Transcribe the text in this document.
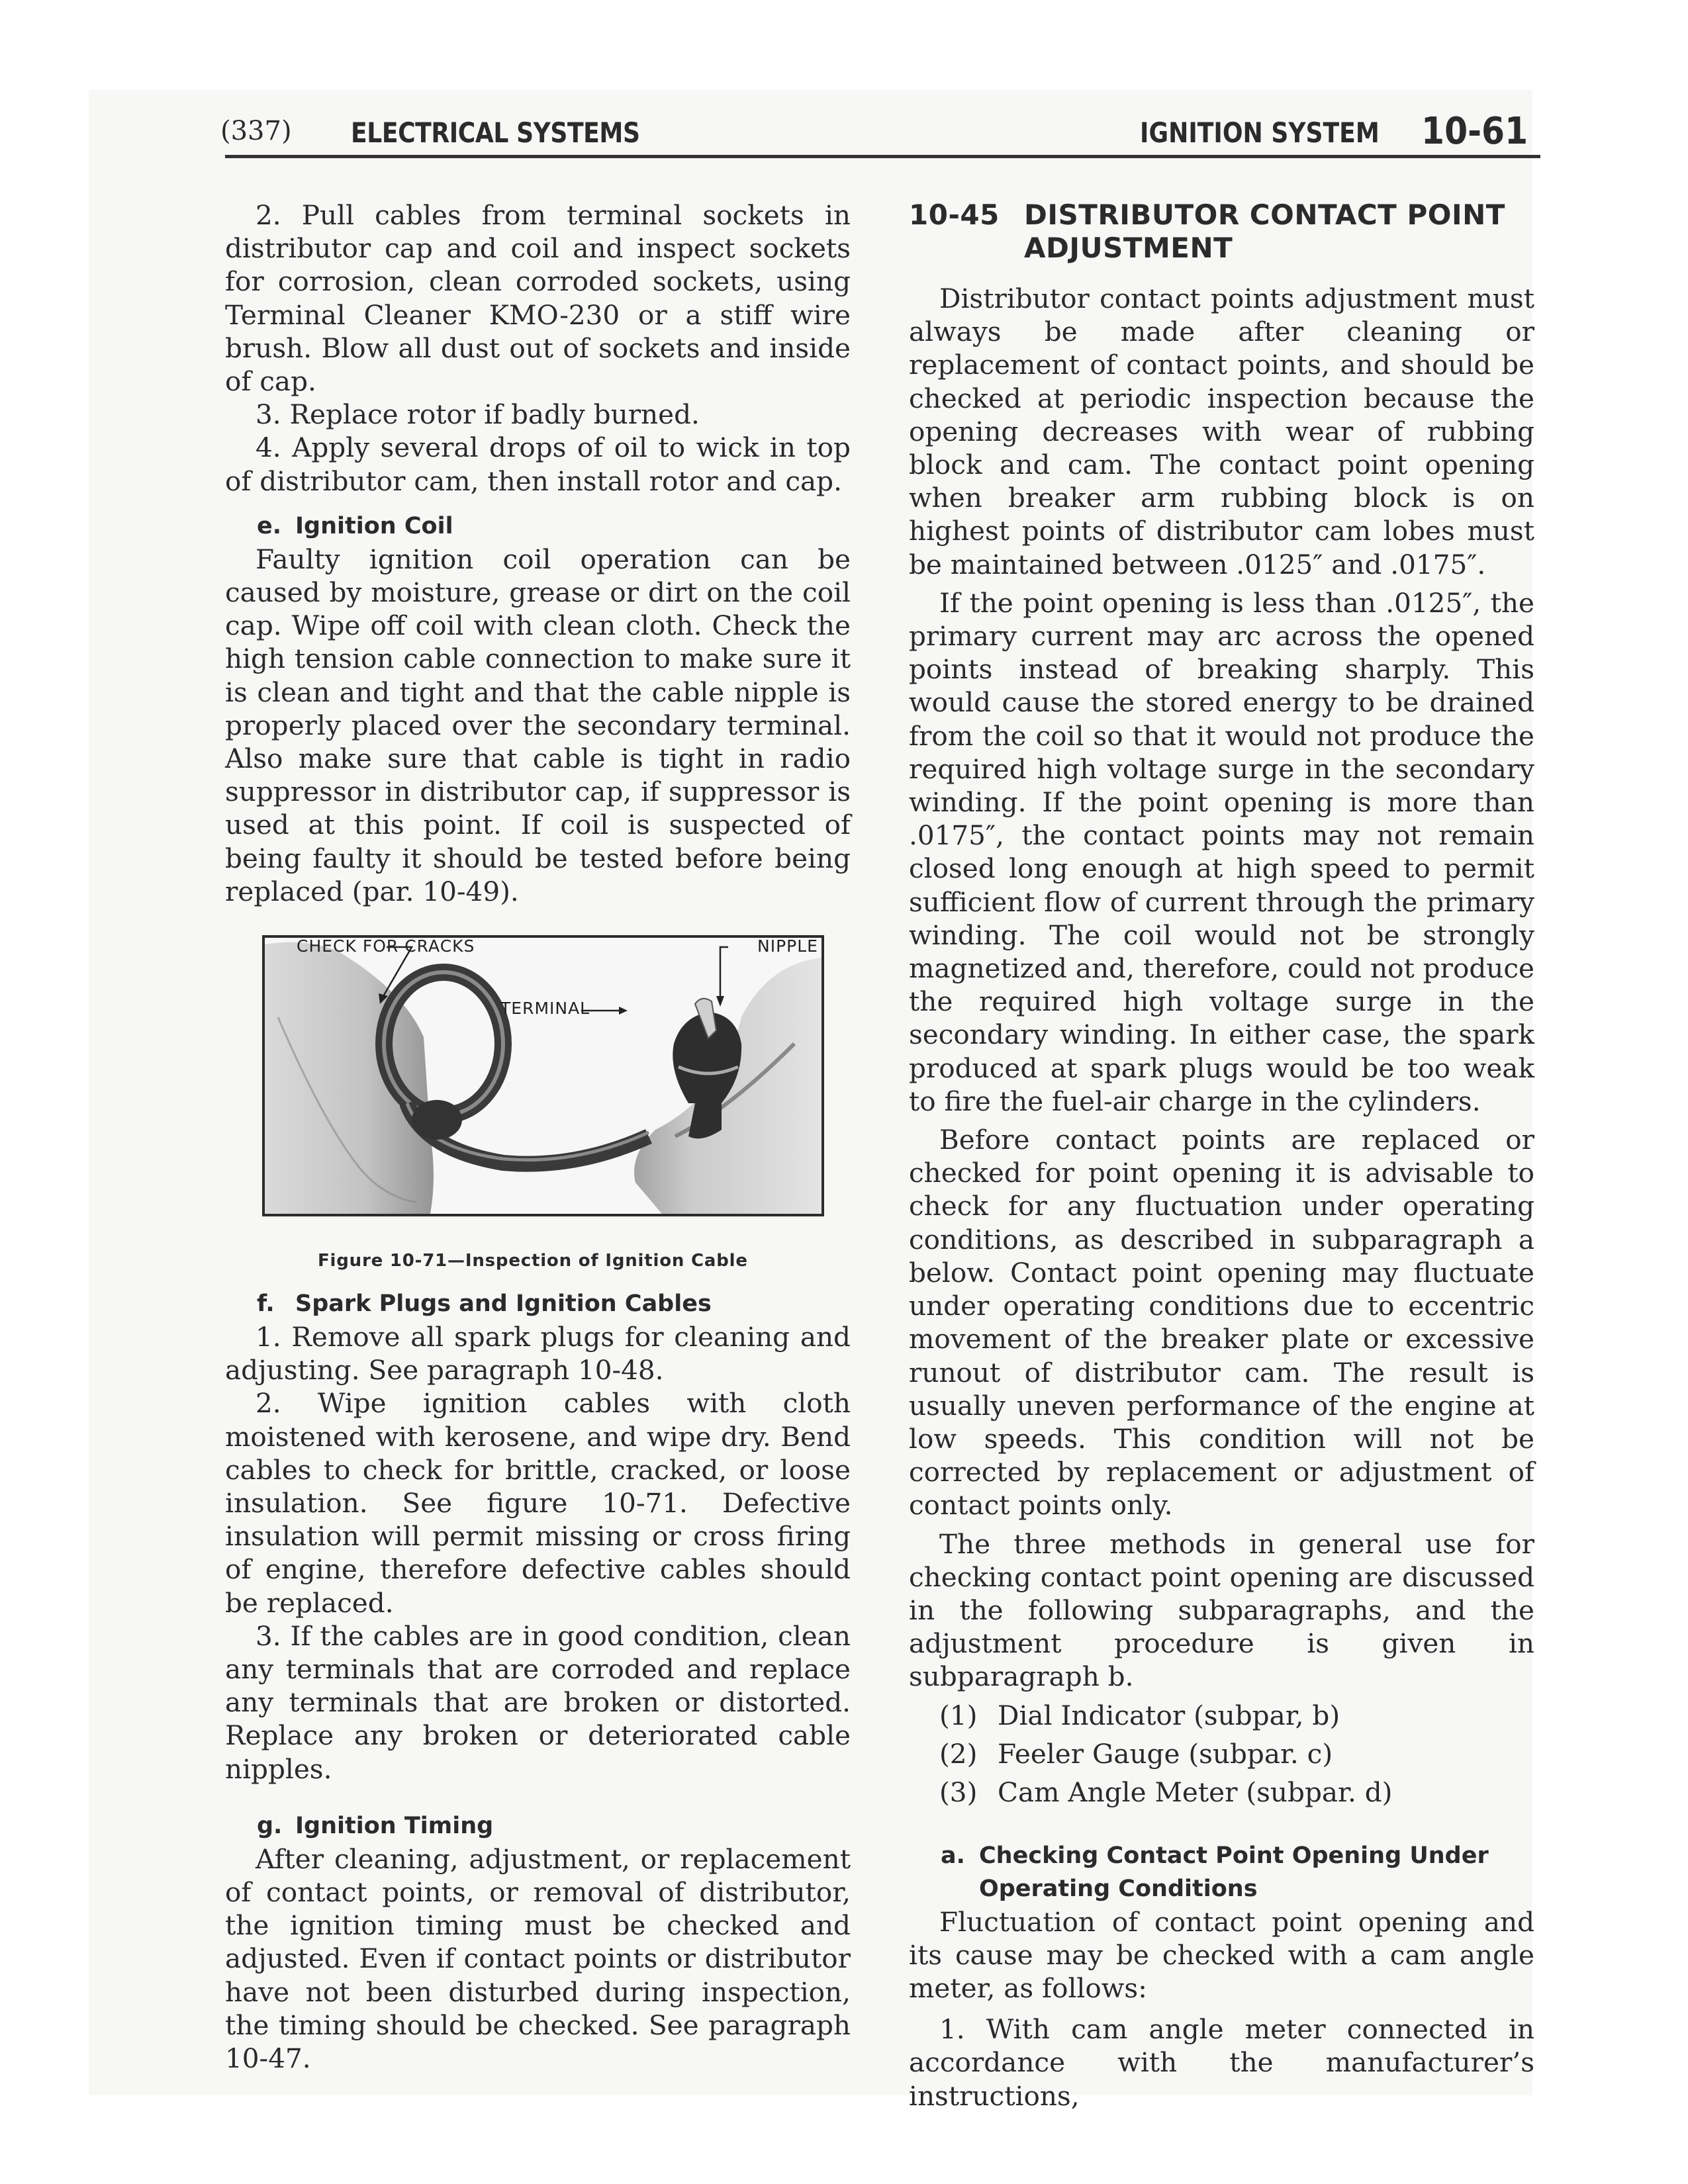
(337) ELECTRICAL SYSTEMS	IGNITION SYSTEM 10-61

2. Pull cables from terminal sockets in distributor cap and coil and inspect sockets for corrosion, clean corroded sockets, using Terminal Cleaner KMO-230 or a stiff wire brush. Blow all dust out of sockets and inside of cap.

3. Replace rotor if badly burned.

4. Apply several drops of oil to wick in top of distributor cam, then install rotor and cap.

e. Ignition Coil

Faulty ignition coil operation can be caused by moisture, grease or dirt on the coil cap. Wipe off coil with clean cloth. Check the high tension cable connection to make sure it is clean and tight and that the cable nipple is properly placed over the secondary terminal. Also make sure that cable is tight in radio suppressor in distributor cap, if suppressor is used at this point. If coil is suspected of being faulty it should be tested before being replaced (par. 10-49).

CHECK FOR CRACKS	NIPPLE
TERMINAL
Figure 10-71—Inspection of Ignition Cable

f. Spark Plugs and Ignition Cables

1. Remove all spark plugs for cleaning and adjusting. See paragraph 10-48.

2. Wipe ignition cables with cloth moistened with kerosene, and wipe dry. Bend cables to check for brittle, cracked, or loose insulation. See figure 10-71. Defective insulation will permit missing or cross firing of engine, therefore defective cables should be replaced.

3. If the cables are in good condition, clean any terminals that are corroded and replace any terminals that are broken or distorted. Replace any broken or deteriorated cable nipples.

g. Ignition Timing

After cleaning, adjustment, or replacement of contact points, or removal of distributor, the ignition timing must be checked and adjusted. Even if contact points or distributor have not been disturbed during inspection, the timing should be checked. See paragraph 10-47.

10-45 DISTRIBUTOR CONTACT POINT
ADJUSTMENT

Distributor contact points adjustment must always be made after cleaning or replacement of contact points, and should be checked at periodic inspection because the opening decreases with wear of rubbing block and cam. The contact point opening when breaker arm rubbing block is on highest points of distributor cam lobes must be maintained between .0125″ and .0175″.

If the point opening is less than .0125″, the primary current may arc across the opened points instead of breaking sharply. This would cause the stored energy to be drained from the coil so that it would not produce the required high voltage surge in the secondary winding. If the point opening is more than .0175″, the contact points may not remain closed long enough at high speed to permit sufficient flow of current through the primary winding. The coil would not be strongly magnetized and, therefore, could not produce the required high voltage surge in the secondary winding. In either case, the spark produced at spark plugs would be too weak to fire the fuel-air charge in the cylinders.

Before contact points are replaced or checked for point opening it is advisable to check for any fluctuation under operating conditions, as described in subparagraph a below. Contact point opening may fluctuate under operating conditions due to eccentric movement of the breaker plate or excessive runout of distributor cam. The result is usually uneven performance of the engine at low speeds. This condition will not be corrected by replacement or adjustment of contact points only.

The three methods in general use for checking contact point opening are discussed in the following subparagraphs, and the adjustment procedure is given in subparagraph b.

(1) Dial Indicator (subpar, b)

(2) Feeler Gauge (subpar. c)

(3) Cam Angle Meter (subpar. d)

a. Checking Contact Point Opening Under
Operating Conditions

Fluctuation of contact point opening and its cause may be checked with a cam angle meter, as follows:

1. With cam angle meter connected in accordance with the manufacturer’s instructions,
